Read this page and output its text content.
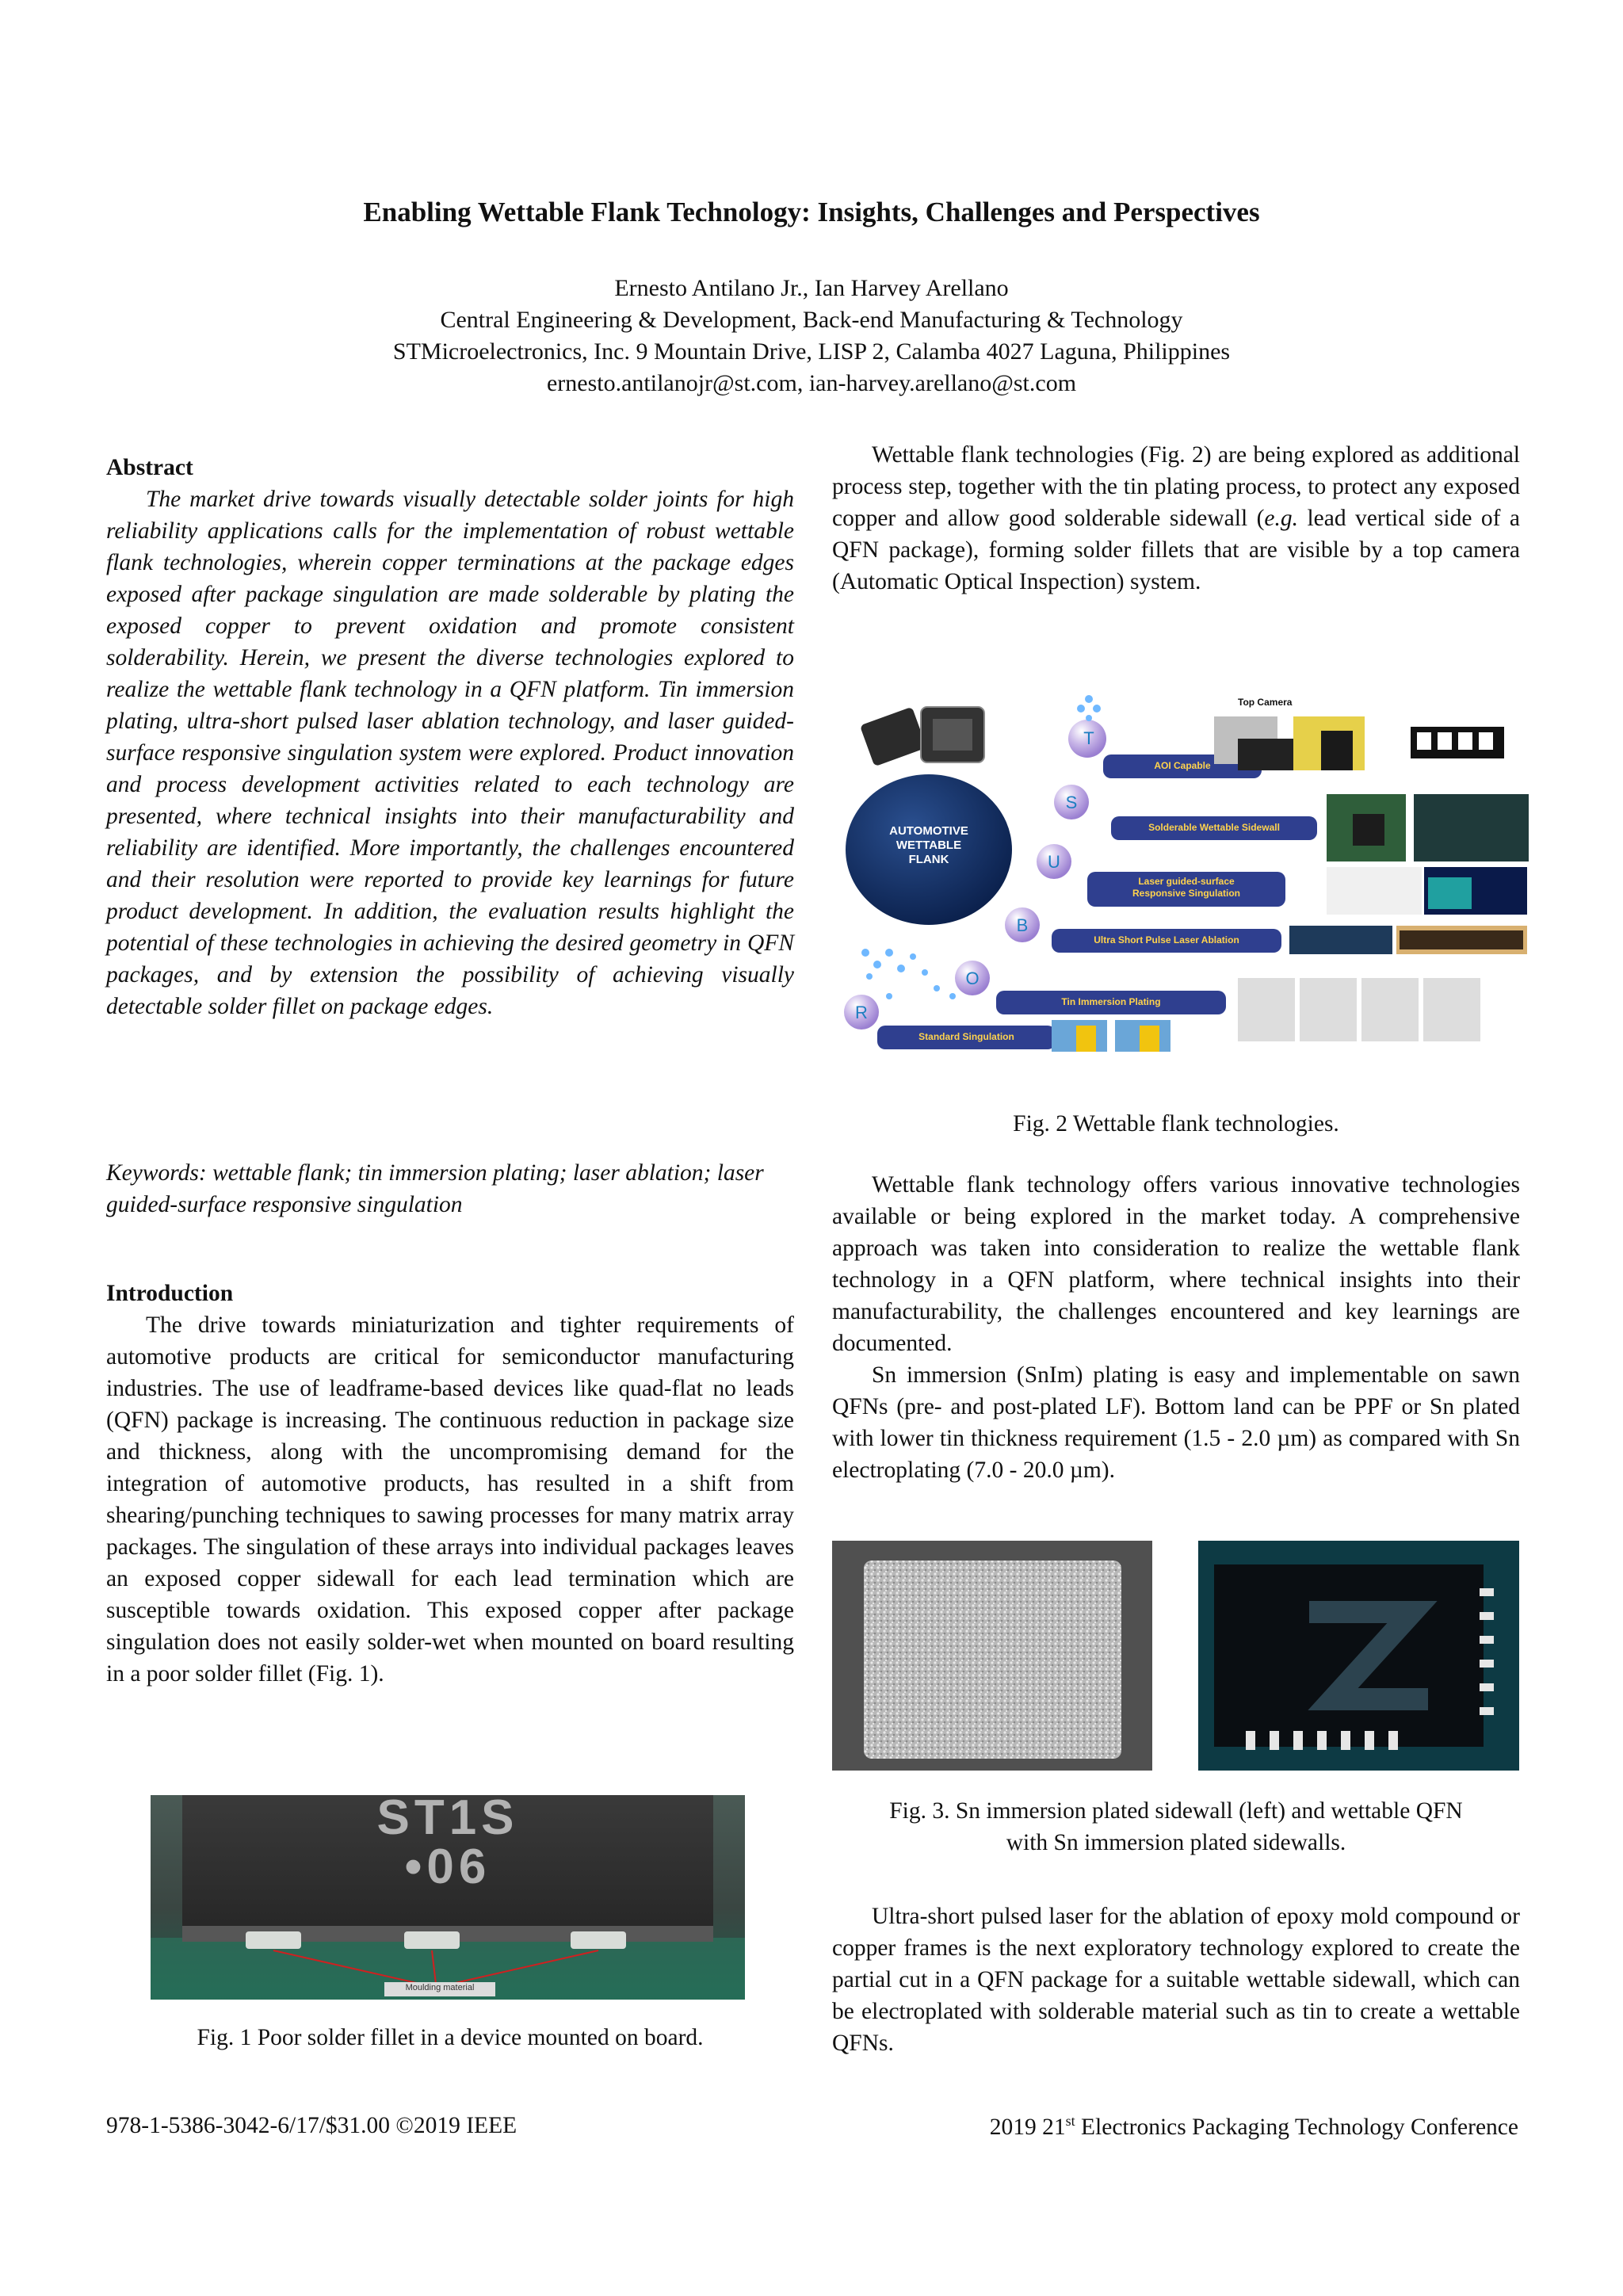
Enabling Wettable Flank Technology: Insights, Challenges and Perspectives
Ernesto Antilano Jr., Ian Harvey Arellano
Central Engineering & Development, Back-end Manufacturing & Technology
STMicroelectronics, Inc. 9 Mountain Drive, LISP 2, Calamba 4027 Laguna, Philippines
ernesto.antilanojr@st.com, ian-harvey.arellano@st.com

Abstract

The market drive towards visually detectable solder joints for high reliability applications calls for the implementation of robust wettable flank technologies, wherein copper terminations at the package edges exposed after package singulation are made solderable by plating the exposed copper to prevent oxidation and promote consistent solderability. Herein, we present the diverse technologies explored to realize the wettable flank technology in a QFN platform. Tin immersion plating, ultra-short pulsed laser ablation technology, and laser guided-surface responsive singulation system were explored. Product innovation and process development activities related to each technology are presented, where technical insights into their manufacturability and reliability are identified. More importantly, the challenges encountered and their resolution were reported to provide key learnings for future product development. In addition, the evaluation results highlight the potential of these technologies in achieving the desired geometry in QFN packages, and by extension the possibility of achieving visually detectable solder fillet on package edges.

Keywords: wettable flank; tin immersion plating; laser ablation; laser guided-surface responsive singulation

Introduction

The drive towards miniaturization and tighter requirements of automotive products are critical for semiconductor manufacturing industries. The use of leadframe-based devices like quad-flat no leads (QFN) package is increasing. The continuous reduction in package size and thickness, along with the uncompromising demand for the integration of automotive products, has resulted in a shift from shearing/punching techniques to sawing processes for many matrix array packages. The singulation of these arrays into individual packages leaves an exposed copper sidewall for each lead termination which are susceptible towards oxidation. This exposed copper after package singulation does not easily solder-wet when mounted on board resulting in a poor solder fillet (Fig. 1).

ST1S
•06
Moulding material
Fig. 1 Poor solder fillet in a device mounted on board.

Wettable flank technologies (Fig. 2) are being explored as additional process step, together with the tin plating process, to protect any exposed copper and allow good solderable sidewall (e.g. lead vertical side of a QFN package), forming solder fillets that are visible by a top camera (Automatic Optical Inspection) system.

AUTOMOTIVE
WETTABLE
FLANK
Top Camera
T
S
U
B
O
R
AOI Capable
Solderable Wettable Sidewall
Laser guided-surface Responsive Singulation
Ultra Short Pulse Laser Ablation
Tin Immersion Plating
Standard Singulation
Fig. 2 Wettable flank technologies.

Wettable flank technology offers various innovative technologies available or being explored in the market today. A comprehensive approach was taken into consideration to realize the wettable flank technology in a QFN platform, where technical insights into their manufacturability, the challenges encountered and key learnings are documented.

Sn immersion (SnIm) plating is easy and implementable on sawn QFNs (pre- and post-plated LF). Bottom land can be PPF or Sn plated with lower tin thickness requirement (1.5 - 2.0 µm) as compared with Sn electroplating (7.0 - 20.0 µm).

Fig. 3. Sn immersion plated sidewall (left) and wettable QFN
with Sn immersion plated sidewalls.

Ultra-short pulsed laser for the ablation of epoxy mold compound or copper frames is the next exploratory technology explored to create the partial cut in a QFN package for a suitable wettable sidewall, which can be electroplated with solderable material such as tin to create a wettable QFNs.

978-1-5386-3042-6/17/$31.00 ©2019 IEEE	2019 21st Electronics Packaging Technology Conference
